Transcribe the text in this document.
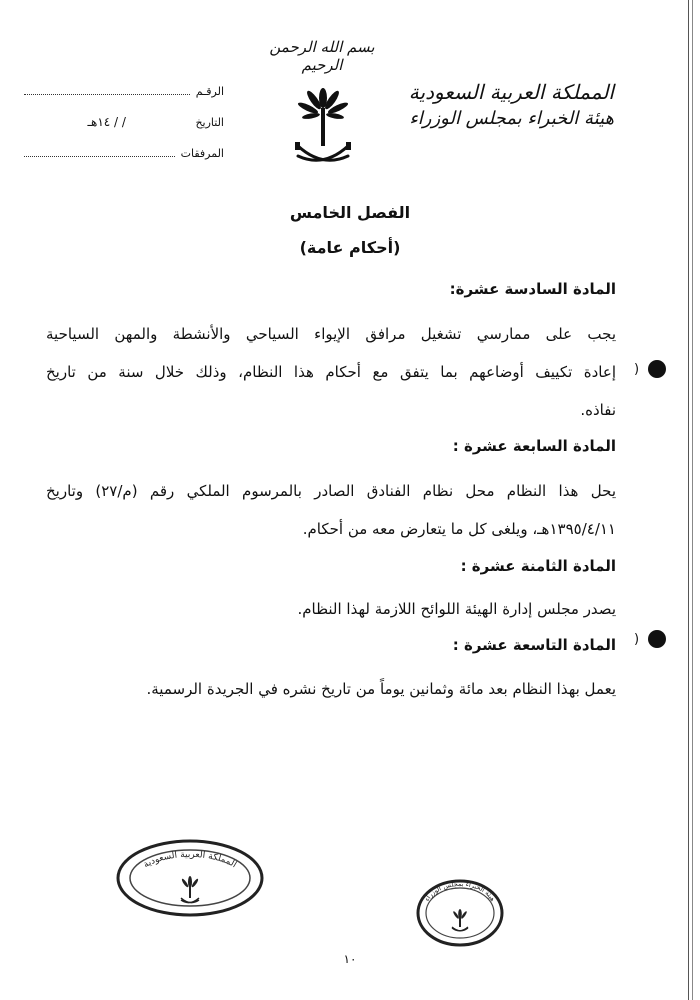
بسم الله الرحمن الرحيم
المملكة العربية السعودية
هيئة الخبراء بمجلس الوزراء
الرقـم
التاريخ
/ / ١٤هـ
المرفقات
الفصل الخامس
(أحكام عامة)
المادة السادسة عشرة:
يجب على ممارسي تشغيل مرافق الإيواء السياحي والأنشطة والمهن السياحية
إعادة تكييف أوضاعهم بما يتفق مع أحكام هذا النظام، وذلك خلال سنة من تاريخ
نفاذه.
المادة السابعة عشرة :
يحل هذا النظام محل نظام الفنادق الصادر بالمرسوم الملكي رقم (م/٢٧) وتاريخ
١٣٩٥/٤/١١هـ، ويلغى كل ما يتعارض معه من أحكام.
المادة الثامنة عشرة :
يصدر مجلس إدارة الهيئة اللوائح اللازمة لهذا النظام.
المادة التاسعة عشرة :
يعمل بهذا النظام بعد مائة وثمانين يوماً من تاريخ نشره في الجريدة الرسمية.
)
)
المملكة العربية السعودية
هيئة الخبراء بمجلس الوزراء
١٠
